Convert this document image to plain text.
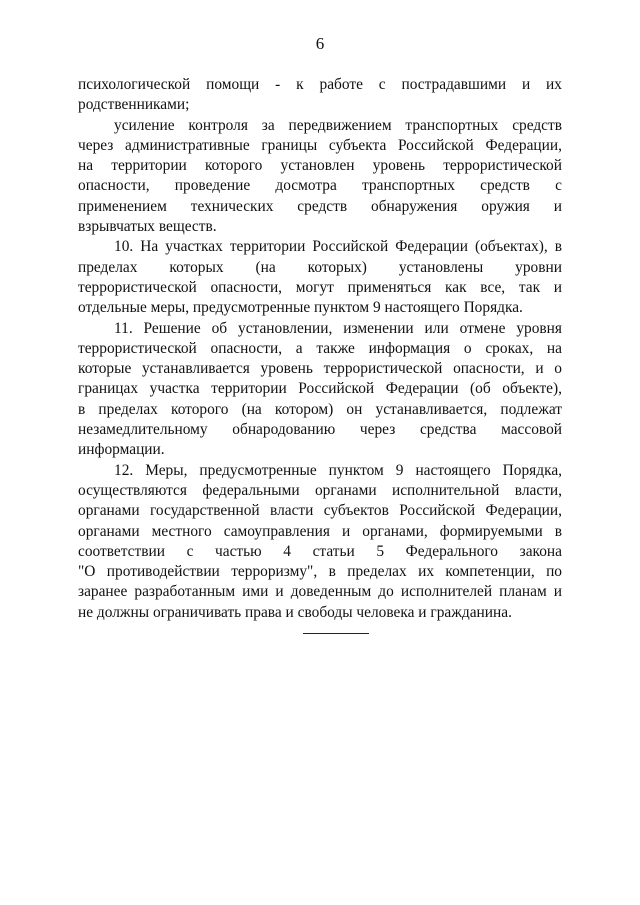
6

психологической помощи - к работе с пострадавшими и их
родственниками;

усиление контроля за передвижением транспортных средств
через административные границы субъекта Российской Федерации,
на территории которого установлен уровень террористической
опасности, проведение досмотра транспортных средств с
применением технических средств обнаружения оружия и
взрывчатых веществ.

10. На участках территории Российской Федерации (объектах), в
пределах которых (на которых) установлены уровни
террористической опасности, могут применяться как все, так и
отдельные меры, предусмотренные пунктом 9 настоящего Порядка.

11. Решение об установлении, изменении или отмене уровня
террористической опасности, а также информация о сроках, на
которые устанавливается уровень террористической опасности, и о
границах участка территории Российской Федерации (об объекте),
в пределах которого (на котором) он устанавливается, подлежат
незамедлительному обнародованию через средства массовой
информации.

12. Меры, предусмотренные пунктом 9 настоящего Порядка,
осуществляются федеральными органами исполнительной власти,
органами государственной власти субъектов Российской Федерации,
органами местного самоуправления и органами, формируемыми в
соответствии с частью 4 статьи 5 Федерального закона
"О противодействии терроризму", в пределах их компетенции, по
заранее разработанным ими и доведенным до исполнителей планам и
не должны ограничивать права и свободы человека и гражданина.
